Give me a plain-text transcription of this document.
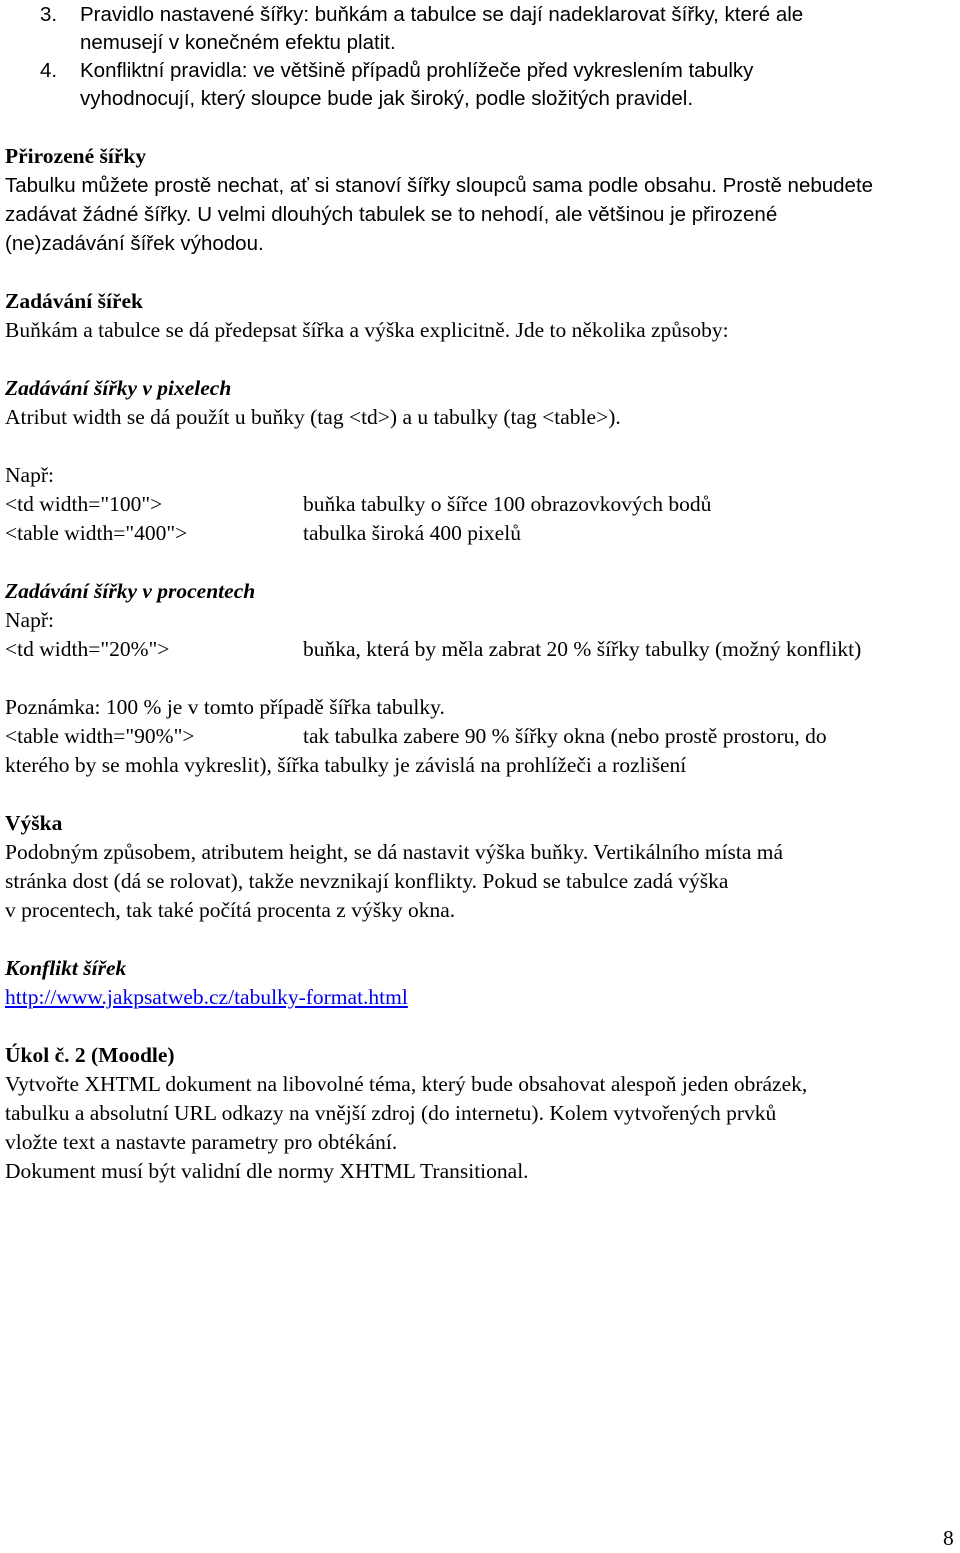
3. Pravidlo nastavené šířky: buňkám a tabulce se dají nadeklarovat šířky, které ale
nemusejí v konečném efektu platit.
4. Konfliktní pravidla: ve většině případů prohlížeče před vykreslením tabulky
vyhodnocují, který sloupce bude jak široký, podle složitých pravidel.
Přirozené šířky
Tabulku můžete prostě nechat, ať si stanoví šířky sloupců sama podle obsahu. Prostě nebudete
zadávat žádné šířky. U velmi dlouhých tabulek se to nehodí, ale většinou je přirozené
(ne)zadávání šířek výhodou.
Zadávání šířek
Buňkám a tabulce se dá předepsat šířka a výška explicitně. Jde to několika způsoby:
Zadávání šířky v pixelech
Atribut width se dá použít u buňky (tag <td>) a u tabulky (tag <table>).
Např:
<td width="100">	buňka tabulky o šířce 100 obrazovkových bodů
<table width="400">	tabulka široká 400 pixelů
Zadávání šířky v procentech
Např:
<td width="20%">	buňka, která by měla zabrat 20 % šířky tabulky (možný konflikt)
Poznámka: 100 % je v tomto případě šířka tabulky.
<table width="90%">	tak tabulka zabere 90 % šířky okna (nebo prostě prostoru, do
kterého by se mohla vykreslit), šířka tabulky je závislá na prohlížeči a rozlišení
Výška
Podobným způsobem, atributem height, se dá nastavit výška buňky. Vertikálního místa má
stránka dost (dá se rolovat), takže nevznikají konflikty. Pokud se tabulce zadá výška
v procentech, tak také počítá procenta z výšky okna.
Konflikt šířek
http://www.jakpsatweb.cz/tabulky-format.html
Úkol č. 2 (Moodle)
Vytvořte XHTML dokument na libovolné téma, který bude obsahovat alespoň jeden obrázek,
tabulku a absolutní URL odkazy na vnější zdroj (do internetu). Kolem vytvořených prvků
vložte text a nastavte parametry pro obtékání.
Dokument musí být validní dle normy XHTML Transitional.
8
